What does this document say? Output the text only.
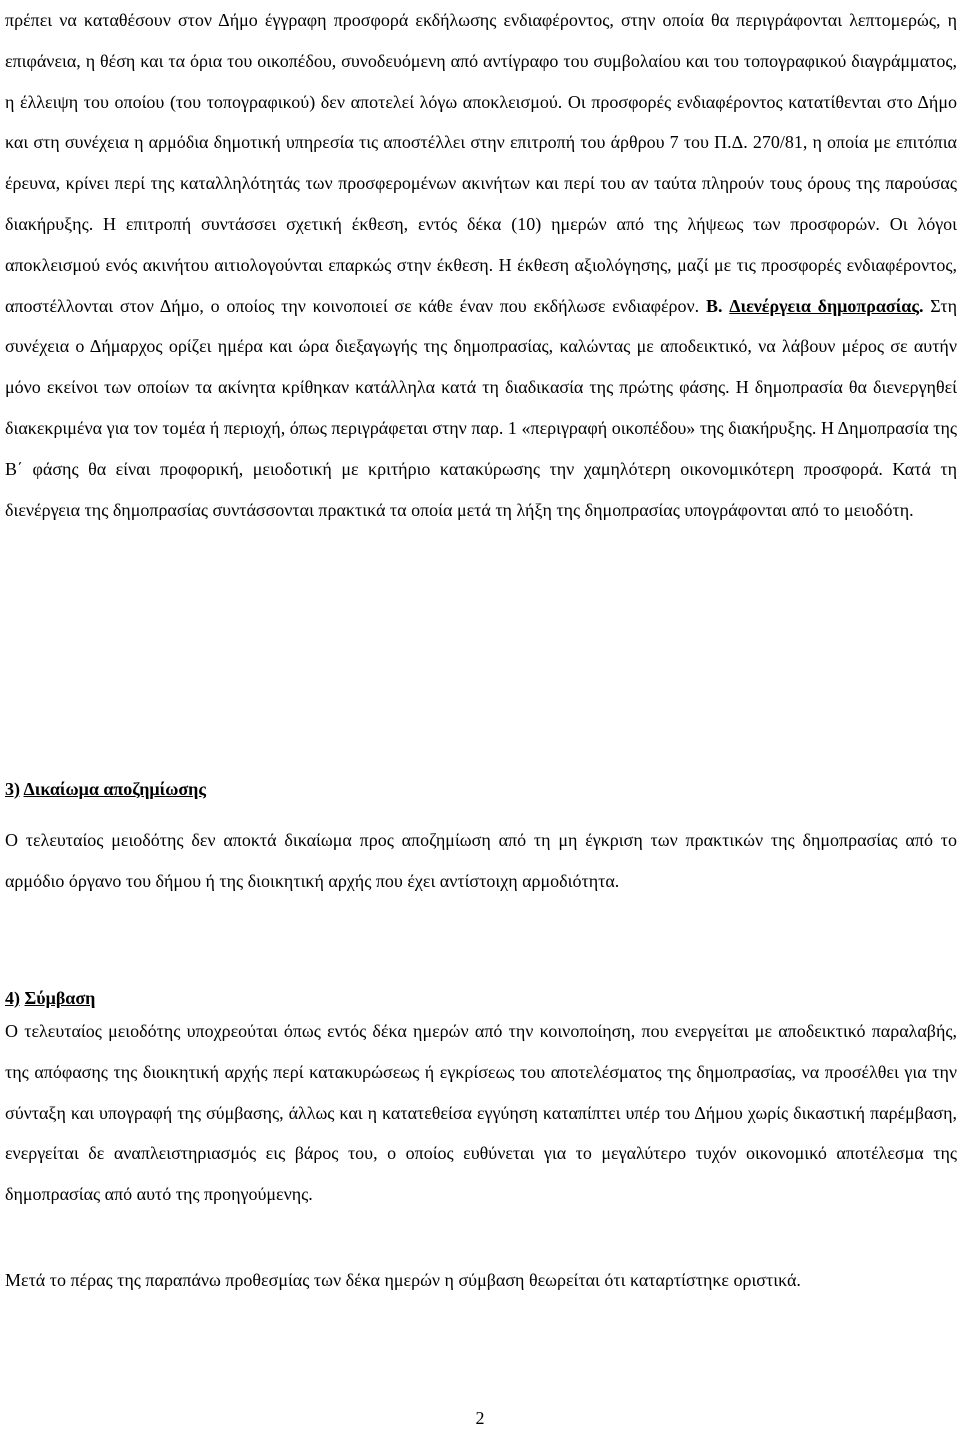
πρέπει να καταθέσουν στον Δήμο έγγραφη προσφορά εκδήλωσης ενδιαφέροντος, στην οποία θα περιγράφονται λεπτομερώς, η επιφάνεια, η θέση και τα όρια του οικοπέδου, συνοδευόμενη από αντίγραφο του συμβολαίου και του τοπογραφικού διαγράμματος, η έλλειψη του οποίου (του τοπογραφικού) δεν αποτελεί λόγω αποκλεισμού. Οι προσφορές ενδιαφέροντος κατατίθενται στο Δήμο και στη συνέχεια η αρμόδια δημοτική υπηρεσία τις αποστέλλει στην επιτροπή του άρθρου 7 του Π.Δ. 270/81, η οποία με επιτόπια έρευνα, κρίνει περί της καταλληλότητάς των προσφερομένων ακινήτων και περί του αν ταύτα πληρούν τους όρους της παρούσας διακήρυξης. Η επιτροπή συντάσσει σχετική έκθεση, εντός δέκα (10) ημερών από της λήψεως των προσφορών. Οι λόγοι αποκλεισμού ενός ακινήτου αιτιολογούνται επαρκώς στην έκθεση. Η έκθεση αξιολόγησης, μαζί με τις προσφορές ενδιαφέροντος, αποστέλλονται στον Δήμο, ο οποίος την κοινοποιεί σε κάθε έναν που εκδήλωσε ενδιαφέρον. Β. Διενέργεια δημοπρασίας. Στη συνέχεια ο Δήμαρχος ορίζει ημέρα και ώρα διεξαγωγής της δημοπρασίας, καλώντας με αποδεικτικό, να λάβουν μέρος σε αυτήν μόνο εκείνοι των οποίων τα ακίνητα κρίθηκαν κατάλληλα κατά τη διαδικασία της πρώτης φάσης. Η δημοπρασία θα διενεργηθεί διακεκριμένα για τον τομέα ή περιοχή, όπως περιγράφεται στην παρ. 1 «περιγραφή οικοπέδου» της διακήρυξης. Η Δημοπρασία της Β΄ φάσης θα είναι προφορική, μειοδοτική με κριτήριο κατακύρωσης την χαμηλότερη οικονομικότερη προσφορά. Κατά τη διενέργεια της δημοπρασίας συντάσσονται πρακτικά τα οποία μετά τη λήξη της δημοπρασίας υπογράφονται από το μειοδότη.

3) Δικαίωμα αποζημίωσης

Ο τελευταίος μειοδότης δεν αποκτά δικαίωμα προς αποζημίωση από τη μη έγκριση των πρακτικών της δημοπρασίας από το αρμόδιο όργανο του δήμου ή της διοικητική αρχής που έχει αντίστοιχη αρμοδιότητα.

4) Σύμβαση

Ο τελευταίος μειοδότης υποχρεούται όπως εντός δέκα ημερών από την κοινοποίηση, που ενεργείται με αποδεικτικό παραλαβής, της απόφασης της διοικητική αρχής περί κατακυρώσεως ή εγκρίσεως του αποτελέσματος της δημοπρασίας, να προσέλθει για την σύνταξη και υπογραφή της σύμβασης, άλλως και η κατατεθείσα εγγύηση καταπίπτει υπέρ του Δήμου χωρίς δικαστική παρέμβαση, ενεργείται δε αναπλειστηριασμός εις βάρος του, ο οποίος ευθύνεται για το μεγαλύτερο τυχόν οικονομικό αποτέλεσμα της δημοπρασίας από αυτό της προηγούμενης.

Μετά το πέρας της παραπάνω προθεσμίας των δέκα ημερών η σύμβαση θεωρείται ότι καταρτίστηκε οριστικά.

2
